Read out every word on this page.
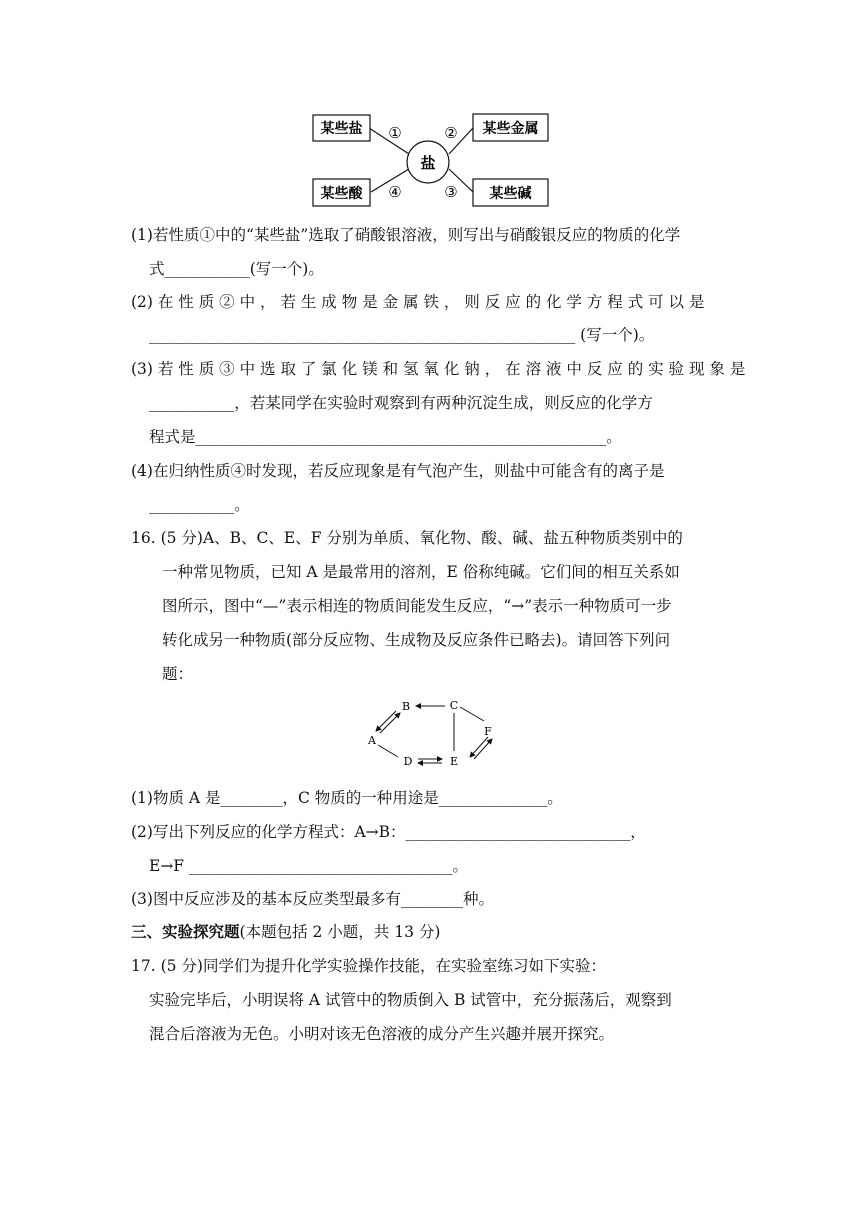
盐
某些盐	某些金属
某些酸	某些碱
①	②
③
④
(1)若性质①中的“某些盐”选取了硝酸银溶液，则写出与硝酸银反应的物质的化学
式___________(写一个)。
(2) 在 性 质 ② 中 ， 若 生 成 物 是 金 属 铁 ， 则 反 应 的 化 学 方 程 式 可 以 是
_______________________________________________________ (写一个)。
(3) 若 性 质 ③ 中 选 取 了 氯 化 镁 和 氢 氧 化 钠 ， 在 溶 液 中 反 应 的 实 验 现 象 是
___________，若某同学在实验时观察到有两种沉淀生成，则反应的化学方
程式是_____________________________________________________。
(4)在归纳性质④时发现，若反应现象是有气泡产生，则盐中可能含有的离子是
___________。
16. (5 分)A、B、C、E、F 分别为单质、氧化物、酸、碱、盐五种物质类别中的
一种常见物质，已知 A 是最常用的溶剂，E 俗称纯碱。它们间的相互关系如
图所示，图中“—”表示相连的物质间能发生反应，“→”表示一种物质可一步
转化成另一种物质(部分反应物、生成物及反应条件已略去)。请回答下列问
题：
B	C
A
F
D	E
(1)物质 A 是________，C 物质的一种用途是______________。
(2)写出下列反应的化学方程式：A→B：_____________________________，
E→F __________________________________。
(3)图中反应涉及的基本反应类型最多有________种。
三、实验探究题(本题包括 2 小题，共 13 分)
17. (5 分)同学们为提升化学实验操作技能，在实验室练习如下实验：
实验完毕后，小明误将 A 试管中的物质倒入 B 试管中，充分振荡后，观察到
混合后溶液为无色。小明对该无色溶液的成分产生兴趣并展开探究。
